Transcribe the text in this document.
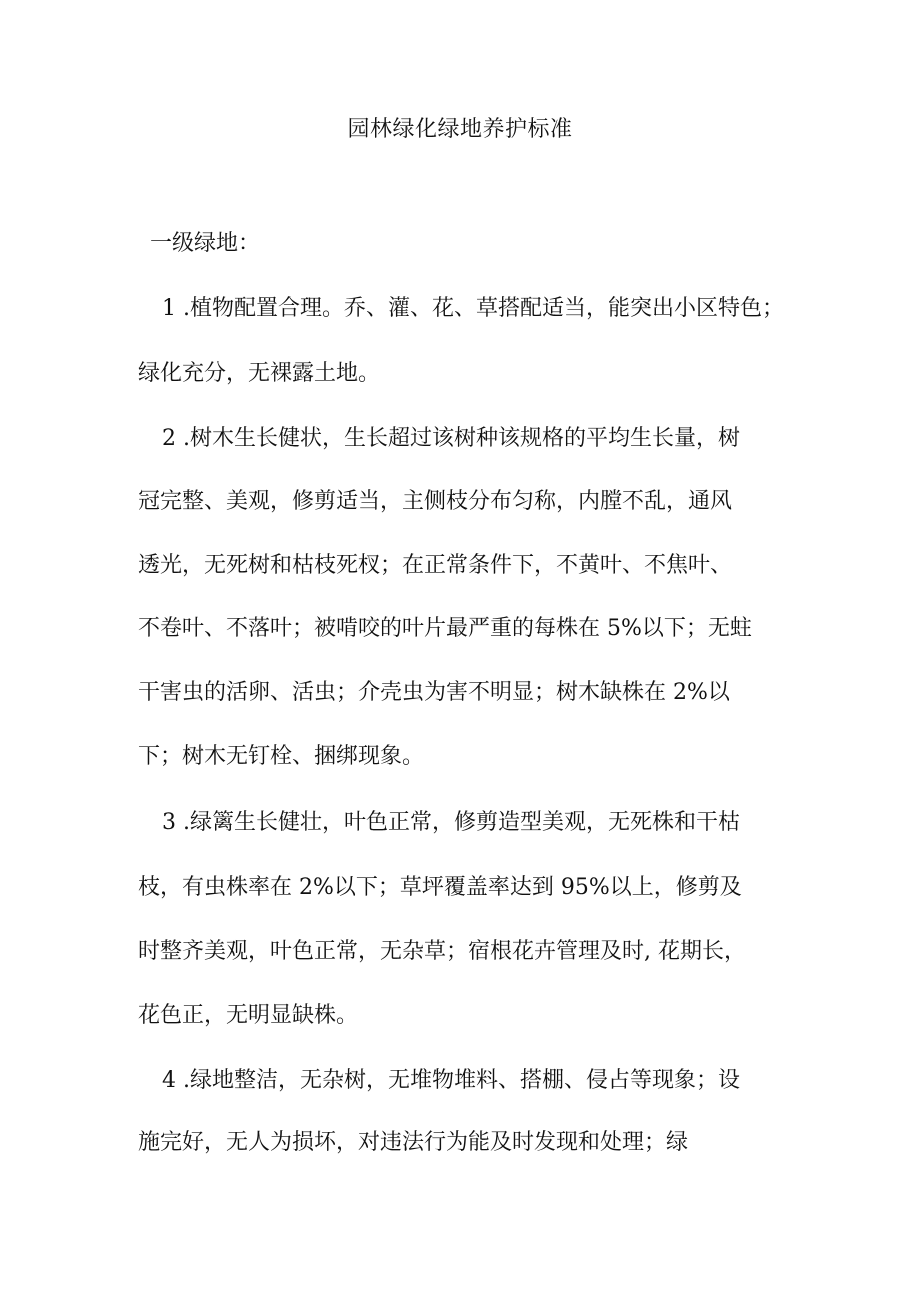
园林绿化绿地养护标准
一级绿地：
1 .植物配置合理。乔、灌、花、草搭配适当，能突出小区特色；
绿化充分，无裸露土地。
2 .树木生长健状，生长超过该树种该规格的平均生长量，树
冠完整、美观，修剪适当，主侧枝分布匀称，内膛不乱，通风
透光，无死树和枯枝死杈；在正常条件下，不黄叶、不焦叶、
不卷叶、不落叶；被啃咬的叶片最严重的每株在 5%以下；无蛀
干害虫的活卵、活虫；介壳虫为害不明显；树木缺株在 2%以
下；树木无钉栓、捆绑现象。
3 .绿篱生长健壮，叶色正常，修剪造型美观，无死株和干枯
枝，有虫株率在 2%以下；草坪覆盖率达到 95%以上，修剪及
时整齐美观，叶色正常，无杂草；宿根花卉管理及时, 花期长，
花色正，无明显缺株。
4 .绿地整洁，无杂树，无堆物堆料、搭棚、侵占等现象；设
施完好，无人为损坏，对违法行为能及时发现和处理；绿
